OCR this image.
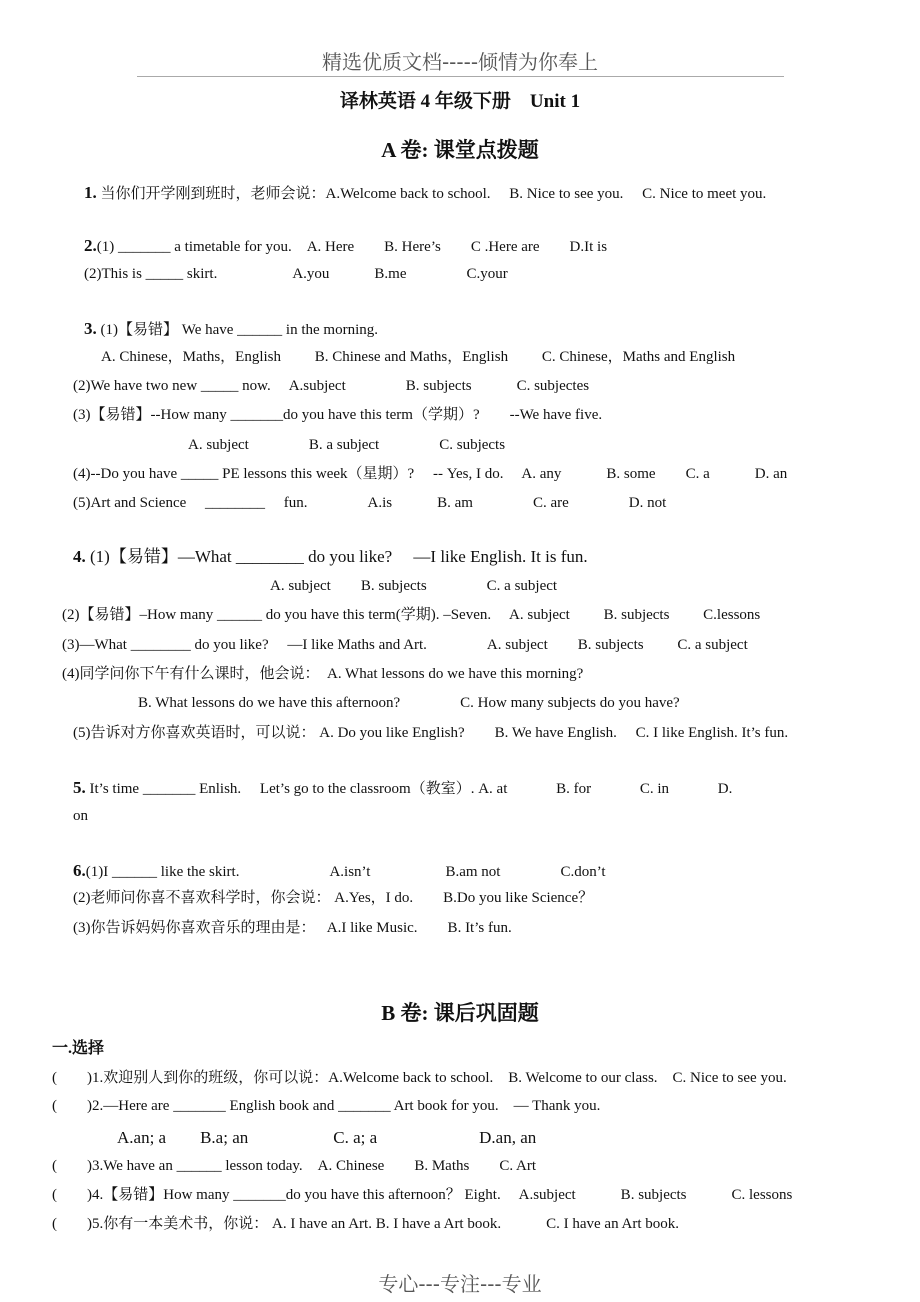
精选优质文档-----倾情为你奉上
译林英语 4 年级下册　Unit 1
A 卷: 课堂点拨题
1. 当你们开学刚到班时，老师会说：A.Welcome back to school.　 B. Nice to see you.　 C. Nice to meet you.
2.(1) _______ a timetable for you.　A. Here　　B. Here’s　　C .Here are　　D.It is
(2)This is _____ skirt.　　　　　A.you　　　B.me　　　　C.your
3. (1)【易错】 We have ______ in the morning.
A. Chinese，Maths，English　　 B. Chinese and Maths，English　　 C. Chinese，Maths and English
(2)We have two new _____ now.　 A.subject　　　　B. subjects　　　C. subjectes
(3)【易错】--How many _______do you have this term（学期）?　　--We have five.
A. subject　　　　B. a subject　　　　C. subjects
(4)--Do you have _____ PE lessons this week（星期）?　 -- Yes, I do.　 A. any　　　B. some　　C. a　　　D. an
(5)Art and Science　 ________　 fun.　　　　A.is　　　B. am　　　　C. are　　　　D. not
4. (1)【易错】—What ________ do you like?　 —I like English. It is fun.
A. subject　　B. subjects　　　　C. a subject
(2)【易错】–How many ______ do you have this term(学期). –Seven.　 A. subject　　 B. subjects　　 C.lessons
(3)—What ________ do you like?　 —I like Maths and Art.　　　　A. subject　　B. subjects　　 C. a subject
(4)同学问你下午有什么课时，他会说：　A. What lessons do we have this morning?
B. What lessons do we have this afternoon?　　　　C. How many subjects do you have?
(5)告诉对方你喜欢英语时，可以说： A. Do you like English?　　B. We have English.　 C. I like English. It’s fun.
5. It’s time _______ Enlish.　 Let’s go to the classroom（教室）. A. at　　　 B. for　　　 C. in　　　 D.
on
6.(1)I ______ like the skirt.　　　　　　A.isn’t　　　　　B.am not　　　　C.don’t
(2)老师问你喜不喜欢科学时，你会说： A.Yes，I do.　　B.Do you like Science？
(3)你告诉妈妈你喜欢音乐的理由是：　 A.I like Music.　　B. It’s fun.
B 卷: 课后巩固题
一.选择
(　　)1.欢迎别人到你的班级，你可以说：A.Welcome back to school.　B. Welcome to our class.　C. Nice to see you.
(　　)2.—Here are _______ English book and _______ Art book for you.　— Thank you.
A.an; a　　B.a; an　　　　　C. a; a　　　　　　D.an, an
(　　)3.We have an ______ lesson today.　A. Chinese　　B. Maths　　C. Art
(　　)4.【易错】How many _______do you have this afternoon？ Eight.　 A.subject　　　B. subjects　　　C. lessons
(　　)5.你有一本美术书，你说： A. I have an Art. B. I have a Art book.　　　C. I have an Art book.
专心---专注---专业
